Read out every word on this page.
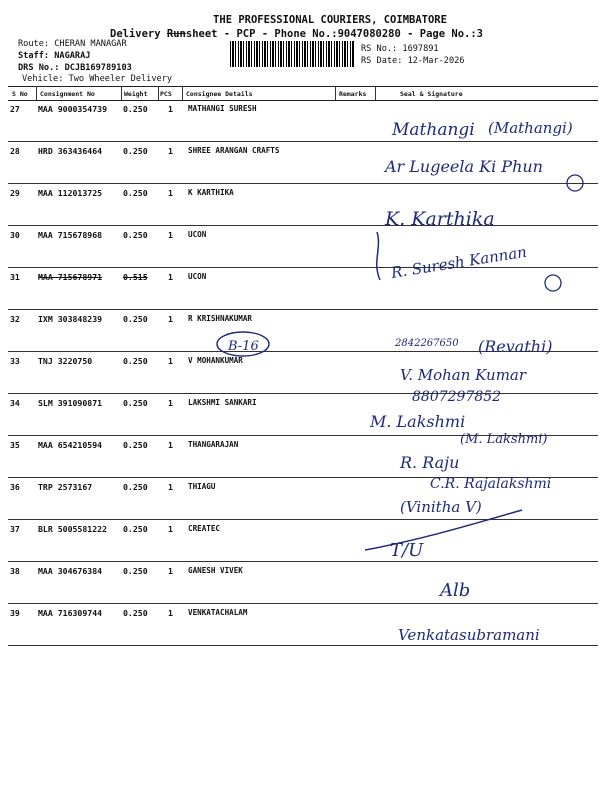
THE PROFESSIONAL COURIERS, COIMBATORE
Delivery Runsheet - PCP - Phone No.:9047080280 - Page No.:3
Route: CHERAN MANAGAR
Staff: NAGARAJ
DRS No.: DCJB169789103
Vehicle: Two Wheeler Delivery
RS No.: 1697891
RS Date: 12-Mar-2026
S No Consignment No	Weight PCS Consignee Details	Remarks	Seal & Signature
27 MAA 9000354739 0.250 1 MATHANGI SURESH
28 HRD 363436464	0.250 1 SHREE ARANGAN CRAFTS
29 MAA 112013725	0.250 1 K KARTHIKA
30 MAA 715678968	0.250 1 UCON
31 MAA 715678971	0.515 1 UCON
32 IXM 303848239	0.250 1 R KRISHNAKUMAR
33 TNJ 3220750	0.250 1 V MOHANKUMAR
34 SLM 391090871	0.250 1 LAKSHMI SANKARI
35 MAA 654210594	0.250 1 THANGARAJAN
36 TRP 2573167	0.250 1 THIAGU
37 BLR 5005581222 0.250 1 CREATEC
38 MAA 304676384	0.250 1 GANESH VIVEK
39 MAA 716309744	0.250 1 VENKATACHALAM
B-16
Mathangi (Mathangi)
Ar Lugeela Ki Phun
K. Karthika
R. Suresh Kannan
2842267650 (Revathi)
V. Mohan Kumar
8807297852
M. Lakshmi
(M. Lakshmi)
R. Raju
C.R. Rajalakshmi
(Vinitha V)
T/U
Alb
Venkatasubramani
